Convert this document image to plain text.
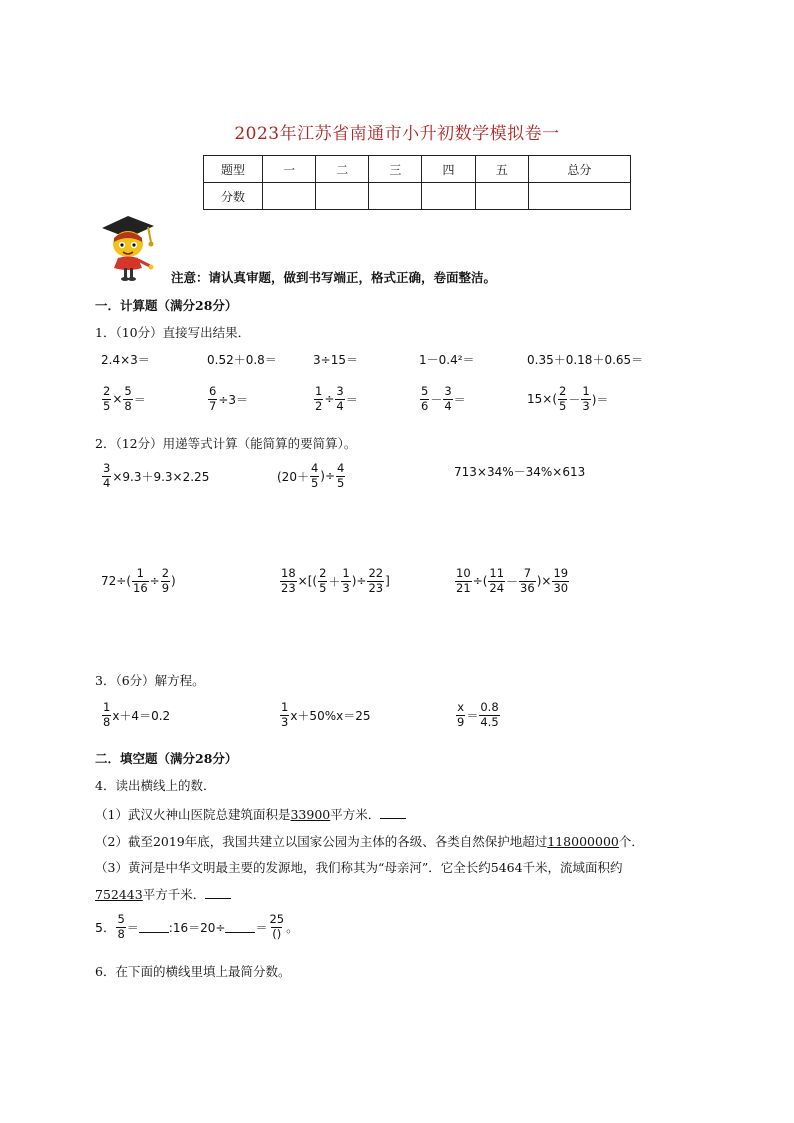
2023年江苏省南通市小升初数学模拟卷一
题型	一	二	三	四	五	总分
分数						
注意：请认真审题，做到书写端正，格式正确，卷面整洁。
一．计算题（满分28分）
1．（10分）直接写出结果．
2.4×3＝	0.52＋0.8＝	3÷15＝	1－0.4²＝	0.35＋0.18＋0.65＝
$\frac{2}{5} \times \frac{5}{8}$ ＝	$\frac{6}{7} \div 3=$	$\frac{1}{2} \div \frac{3}{4}$ ＝	$\frac{5}{6} - \frac{3}{4}$ ＝	$15\times( \frac{2}{5} - \frac{1}{3}$ )＝
2．（12分）用递等式计算（能简算的要简算）。
$\frac{3}{4} \times 9.3+9.3\times 2.25$	($20+ \frac{4}{5}$ )÷ $\frac{4}{5}$	713×34%－34%×613
$72\div( \frac{1}{16} \div \frac{2}{9}$ )	$\frac{18}{23}$ ×[( $\frac{2}{5} + \frac{1}{3}$ )÷ $\frac{22}{23}$ ]	$\frac{10}{21}$ ÷( $\frac{11}{24} - \frac{7}{36}$ )× $\frac{19}{30}$
3．（6分）解方程。
$\frac{1}{8} x+4=0.2$	$\frac{1}{3} x+50\%x=25$	$\frac{x}{9} = \frac{0.8}{4.5}$
二．填空题（满分28分）
4．读出横线上的数．
（1）武汉火神山医院总建筑面积是33900平方米．
（2）截至2019年底，我国共建立以国家公园为主体的各级、各类自然保护地超过118000000个．
（3）黄河是中华文明最主要的发源地，我们称其为“母亲河”．它全长约5464千米，流域面积约
752443平方千米．
5． $\frac{5}{8}$ ＝	:16＝20÷	＝ $\frac{25}{()}$ 。
6．在下面的横线里填上最简分数。
